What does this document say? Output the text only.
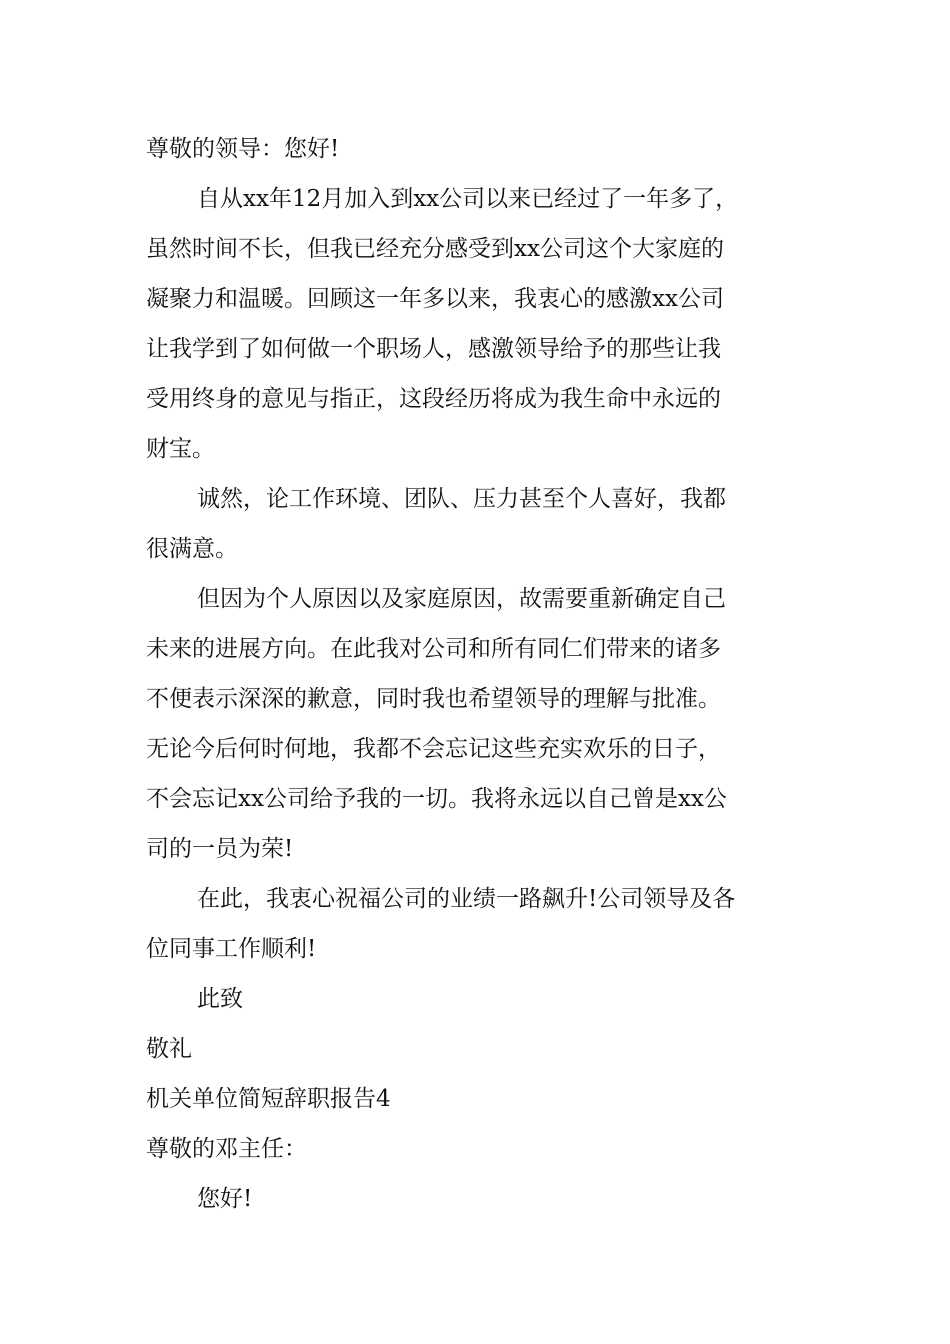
尊敬的领导：您好!

自从xx年12月加入到xx公司以来已经过了一年多了，

虽然时间不长，但我已经充分感受到xx公司这个大家庭的

凝聚力和温暖。回顾这一年多以来，我衷心的感激xx公司

让我学到了如何做一个职场人，感激领导给予的那些让我

受用终身的意见与指正，这段经历将成为我生命中永远的

财宝。

诚然，论工作环境、团队、压力甚至个人喜好，我都

很满意。

但因为个人原因以及家庭原因，故需要重新确定自己

未来的进展方向。在此我对公司和所有同仁们带来的诸多

不便表示深深的歉意，同时我也希望领导的理解与批准。

无论今后何时何地，我都不会忘记这些充实欢乐的日子，

不会忘记xx公司给予我的一切。我将永远以自己曾是xx公

司的一员为荣!

在此，我衷心祝福公司的业绩一路飙升!公司领导及各

位同事工作顺利!

此致

敬礼

机关单位简短辞职报告4

尊敬的邓主任：

您好!
